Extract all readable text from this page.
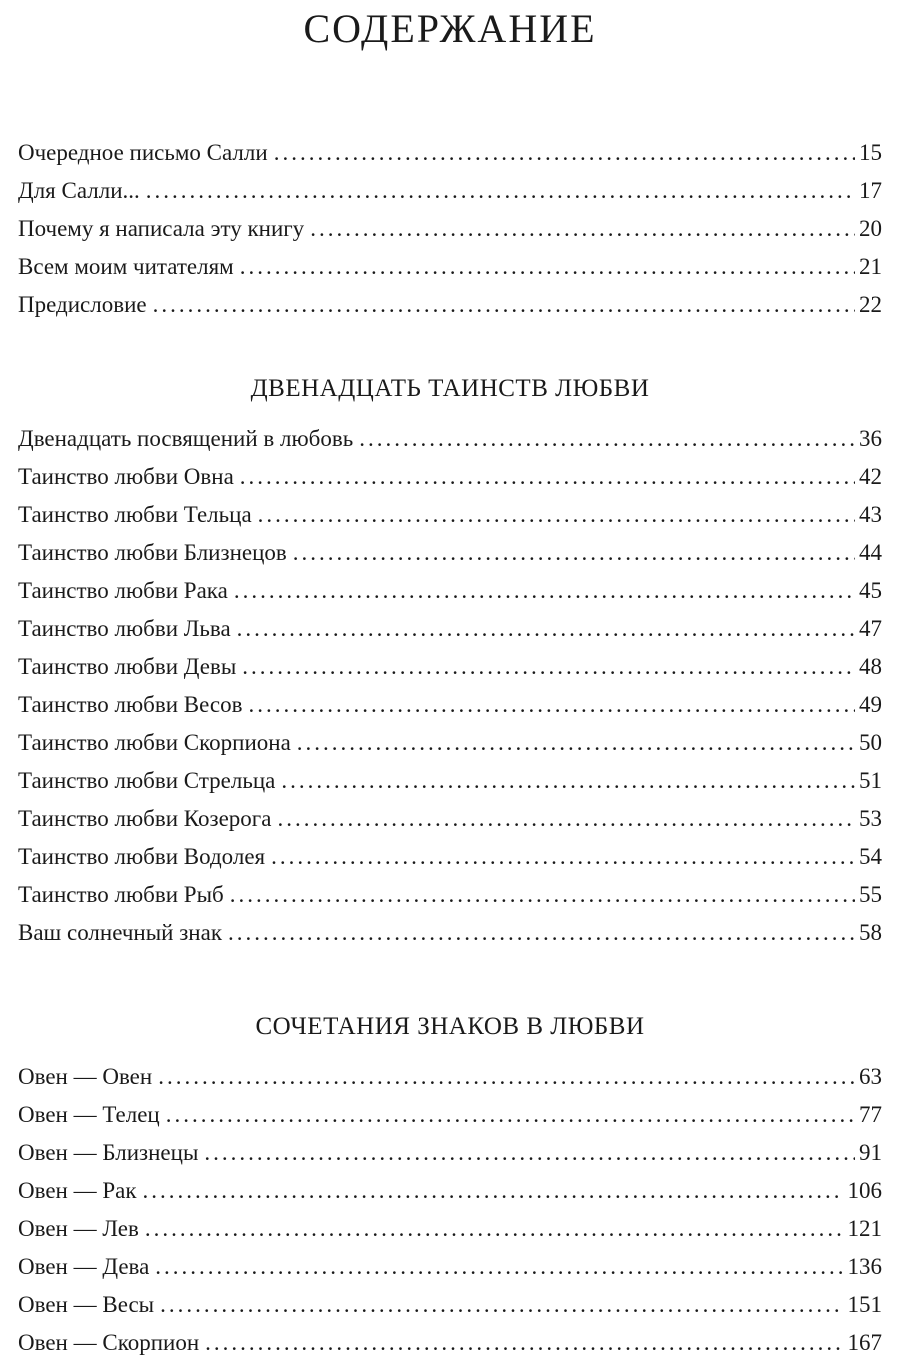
СОДЕРЖАНИЕ
Очередное письмо Салли .....	15
Для Салли... .....	17
Почему я написала эту книгу .....	20
Всем моим читателям .....	21
Предисловие .....	22
ДВЕНАДЦАТЬ ТАИНСТВ ЛЮБВИ
Двенадцать посвящений в любовь .....	36
Таинство любви Овна .....	42
Таинство любви Тельца .....	43
Таинство любви Близнецов .....	44
Таинство любви Рака .....	45
Таинство любви Льва .....	47
Таинство любви Девы .....	48
Таинство любви Весов .....	49
Таинство любви Скорпиона .....	50
Таинство любви Стрельца .....	51
Таинство любви Козерога .....	53
Таинство любви Водолея .....	54
Таинство любви Рыб .....	55
Ваш солнечный знак .....	58
СОЧЕТАНИЯ ЗНАКОВ В ЛЮБВИ
Овен — Овен .....	63
Овен — Телец .....	77
Овен — Близнецы .....	91
Овен — Рак .....	106
Овен — Лев .....	121
Овен — Дева .....	136
Овен — Весы .....	151
Овен — Скорпион .....	167
